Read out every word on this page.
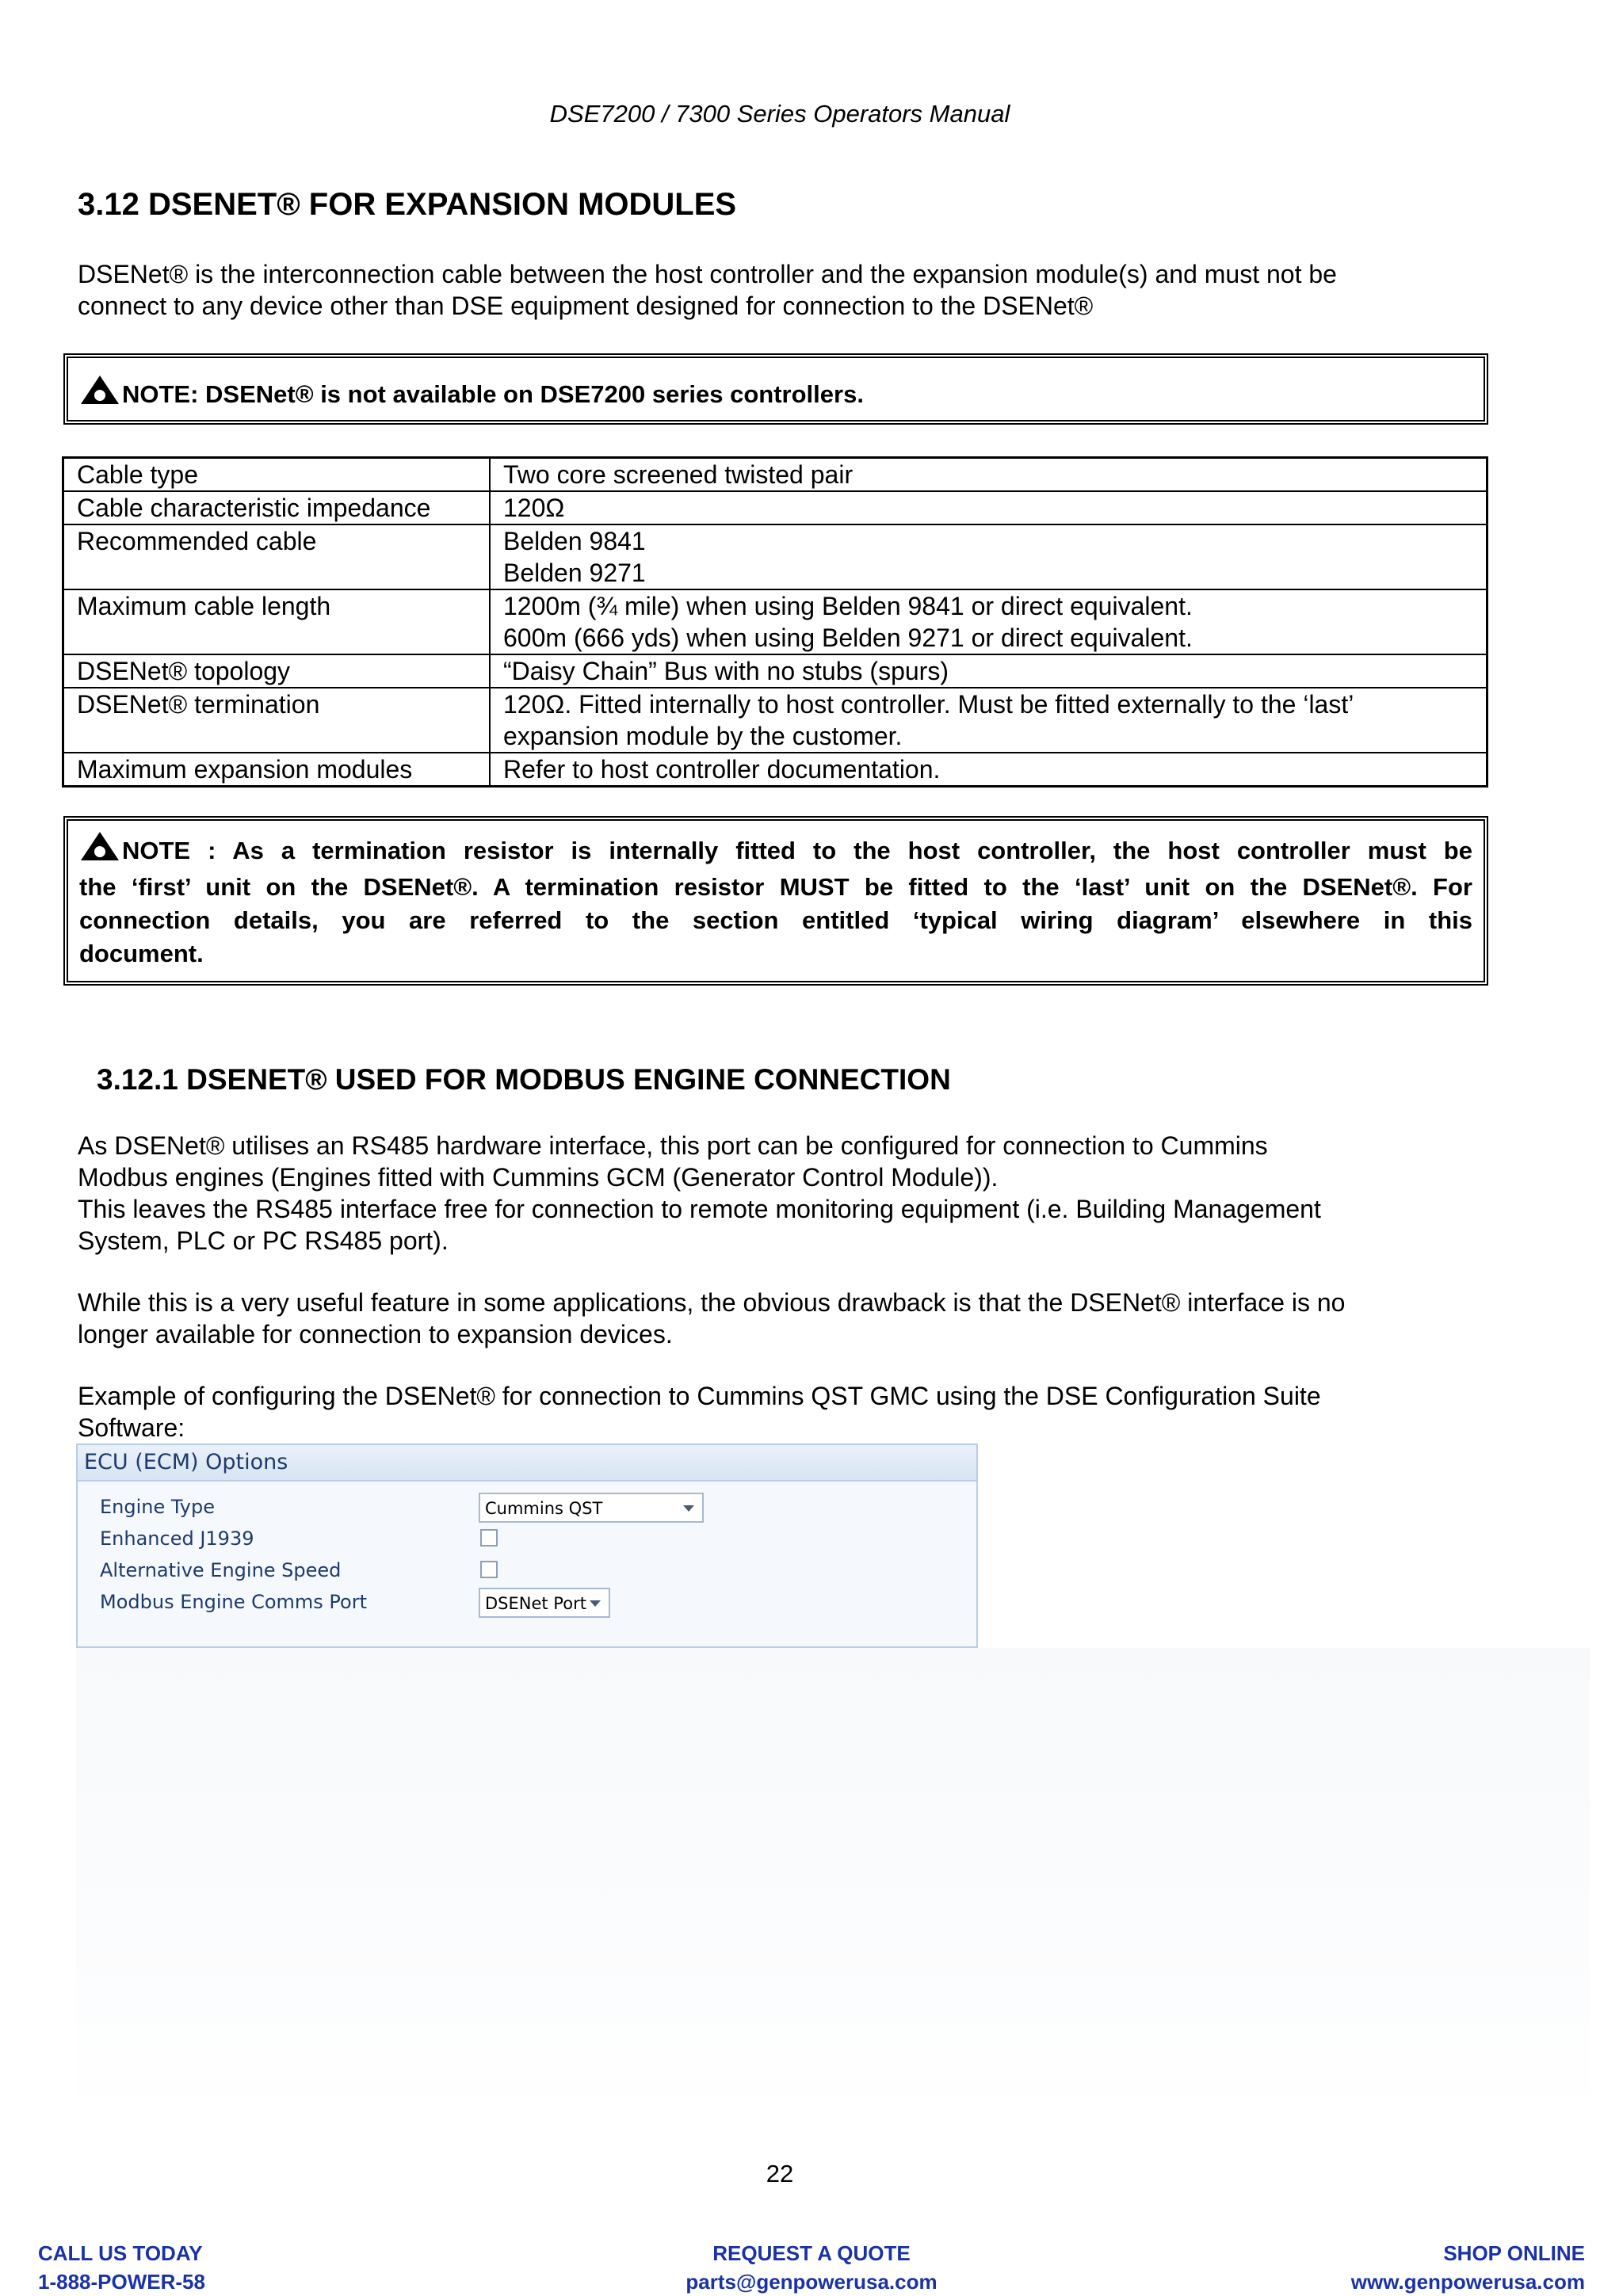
DSE7200 / 7300 Series Operators Manual
3.12 DSENET® FOR EXPANSION MODULES
DSENet® is the interconnection cable between the host controller and the expansion module(s) and must not be
connect to any device other than DSE equipment designed for connection to the DSENet®
NOTE: DSENet® is not available on DSE7200 series controllers.
Cable type	Two core screened twisted pair

Cable characteristic impedance	120Ω

Recommended cable	Belden 9841
Belden 9271

Maximum cable length	1200m (¾ mile) when using Belden 9841 or direct equivalent.
600m (666 yds) when using Belden 9271 or direct equivalent.

DSENet® topology	“Daisy Chain” Bus with no stubs (spurs)

DSENet® termination	120Ω. Fitted internally to host controller. Must be fitted externally to the ‘last’
expansion module by the customer.

Maximum expansion modules	Refer to host controller documentation.
NOTE : As a termination resistor is internally fitted to the host controller, the host controller must be
the ‘first’ unit on the DSENet®. A termination resistor MUST be fitted to the ‘last’ unit on the DSENet®. For
connection details, you are referred to the section entitled ‘typical wiring diagram’ elsewhere in this
document.
3.12.1 DSENET® USED FOR MODBUS ENGINE CONNECTION
As DSENet® utilises an RS485 hardware interface, this port can be configured for connection to Cummins
Modbus engines (Engines fitted with Cummins GCM (Generator Control Module)).
This leaves the RS485 interface free for connection to remote monitoring equipment (i.e. Building Management
System, PLC or PC RS485 port).
While this is a very useful feature in some applications, the obvious drawback is that the DSENet® interface is no
longer available for connection to expansion devices.
Example of configuring the DSENet® for connection to Cummins QST GMC using the DSE Configuration Suite
Software:
ECU (ECM) Options
Engine Type	Cummins QST
Enhanced J1939
Alternative Engine Speed
Modbus Engine Comms Port	DSENet Port
22
CALL US TODAY
1-888-POWER-58
REQUEST A QUOTE
parts@genpowerusa.com
SHOP ONLINE
www.genpowerusa.com
